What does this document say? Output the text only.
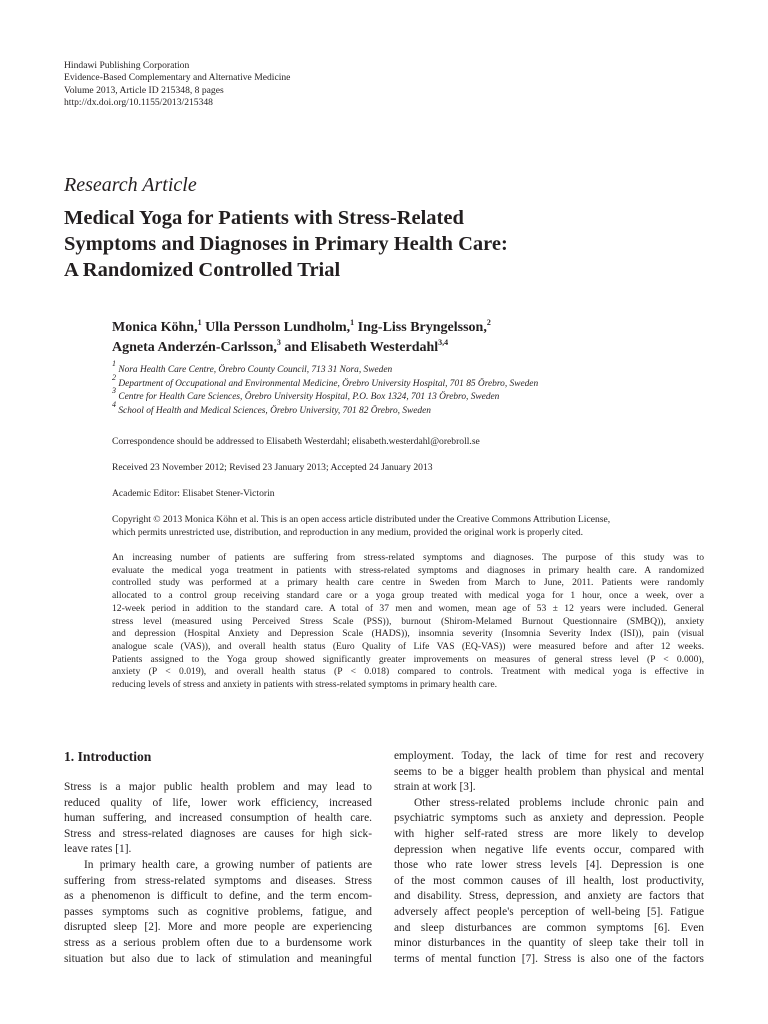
Hindawi Publishing Corporation
Evidence-Based Complementary and Alternative Medicine
Volume 2013, Article ID 215348, 8 pages
http://dx.doi.org/10.1155/2013/215348
Research Article
Medical Yoga for Patients with Stress-Related
Symptoms and Diagnoses in Primary Health Care:
A Randomized Controlled Trial
Monica Köhn,$^1$ Ulla Persson Lundholm,$^1$ Ing-Liss Bryngelsson,$^2$
Agneta Anderzén-Carlsson,$^3$ and Elisabeth Westerdahl$^{3,4}$
$^1$ Nora Health Care Centre, Örebro County Council, 713 31 Nora, Sweden
$^2$ Department of Occupational and Environmental Medicine, Örebro University Hospital, 701 85 Örebro, Sweden
$^3$ Centre for Health Care Sciences, Örebro University Hospital, P.O. Box 1324, 701 13 Örebro, Sweden
$^4$ School of Health and Medical Sciences, Örebro University, 701 82 Örebro, Sweden
Correspondence should be addressed to Elisabeth Westerdahl; elisabeth.westerdahl@orebroll.se
Received 23 November 2012; Revised 23 January 2013; Accepted 24 January 2013
Academic Editor: Elisabet Stener-Victorin
Copyright © 2013 Monica Köhn et al. This is an open access article distributed under the Creative Commons Attribution License,
which permits unrestricted use, distribution, and reproduction in any medium, provided the original work is properly cited.
An increasing number of patients are suffering from stress-related symptoms and diagnoses. The purpose of this study was to
evaluate the medical yoga treatment in patients with stress-related symptoms and diagnoses in primary health care. A randomized
controlled study was performed at a primary health care centre in Sweden from March to June, 2011. Patients were randomly
allocated to a control group receiving standard care or a yoga group treated with medical yoga for 1 hour, once a week, over a
12-week period in addition to the standard care. A total of 37 men and women, mean age of 53 ± 12 years were included. General
stress level (measured using Perceived Stress Scale (PSS)), burnout (Shirom-Melamed Burnout Questionnaire (SMBQ)), anxiety
and depression (Hospital Anxiety and Depression Scale (HADS)), insomnia severity (Insomnia Severity Index (ISI)), pain (visual
analogue scale (VAS)), and overall health status (Euro Quality of Life VAS (EQ-VAS)) were measured before and after 12 weeks.
Patients assigned to the Yoga group showed significantly greater improvements on measures of general stress level (P < 0.000),
anxiety (P < 0.019), and overall health status (P < 0.018) compared to controls. Treatment with medical yoga is effective in
reducing levels of stress and anxiety in patients with stress-related symptoms in primary health care.
1. Introduction
Stress is a major public health problem and may lead to
reduced quality of life, lower work efficiency, increased
human suffering, and increased consumption of health care.
Stress and stress-related diagnoses are causes for high sick-
leave rates [1].
In primary health care, a growing number of patients are
suffering from stress-related symptoms and diseases. Stress
as a phenomenon is difficult to define, and the term encom-
passes symptoms such as cognitive problems, fatigue, and
disrupted sleep [2]. More and more people are experiencing
stress as a serious problem often due to a burdensome work
situation but also due to lack of stimulation and meaningful
employment. Today, the lack of time for rest and recovery
seems to be a bigger health problem than physical and mental
strain at work [3].
Other stress-related problems include chronic pain and
psychiatric symptoms such as anxiety and depression. People
with higher self-rated stress are more likely to develop
depression when negative life events occur, compared with
those who rate lower stress levels [4]. Depression is one
of the most common causes of ill health, lost productivity,
and disability. Stress, depression, and anxiety are factors that
adversely affect people's perception of well-being [5]. Fatigue
and sleep disturbances are common symptoms [6]. Even
minor disturbances in the quantity of sleep take their toll in
terms of mental function [7]. Stress is also one of the factors
